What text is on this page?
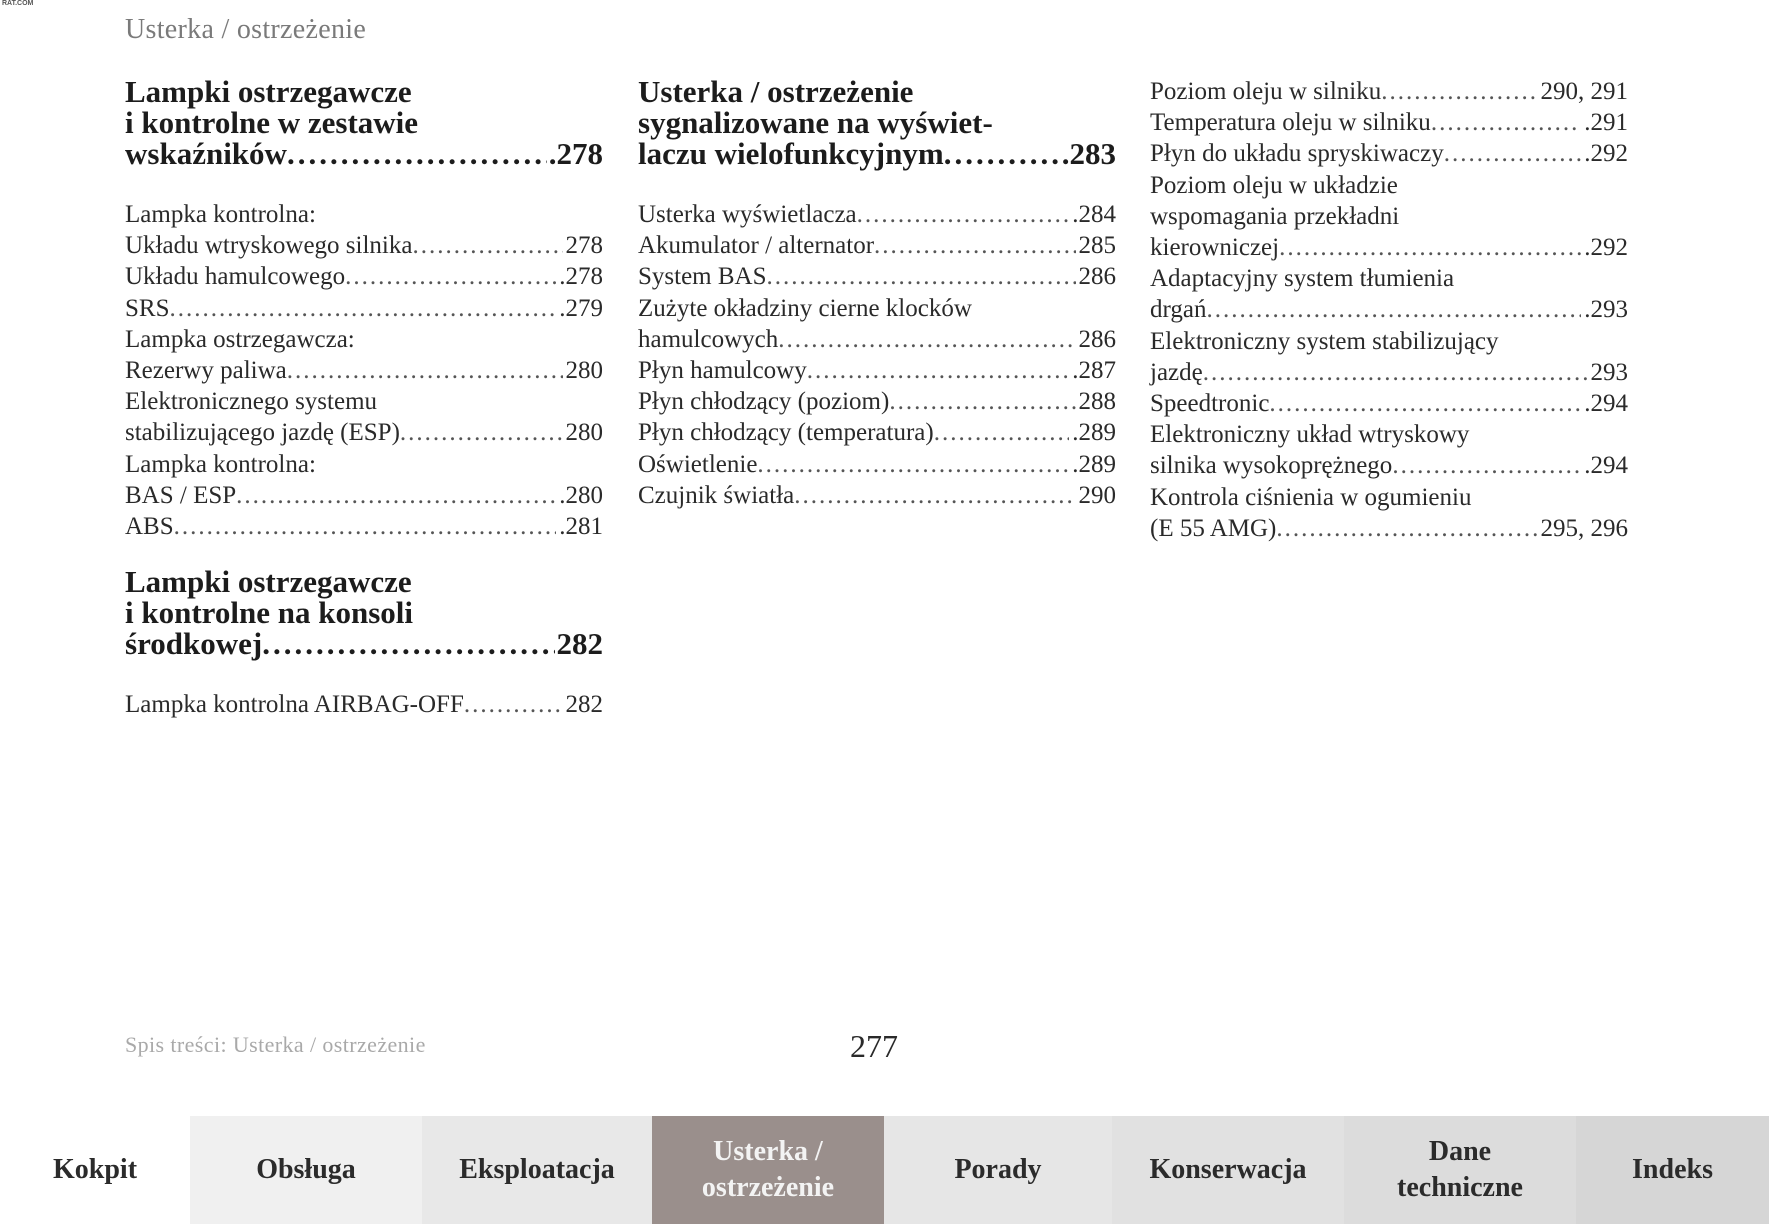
RAT.COM
Usterka / ostrzeżenie
Lampki ostrzegawcze
i kontrolne w zestawie
wskaźników .....	.278
Lampka kontrolna:
Układu wtryskowego silnika .....	278
Układu hamulcowego .....	.278
SRS .....	.279
Lampka ostrzegawcza:
Rezerwy paliwa .....	280
Elektronicznego systemu
stabilizującego jazdę (ESP) .....	280
Lampka kontrolna:
BAS / ESP .....	.280
ABS .....	.281
Lampki ostrzegawcze
i kontrolne na konsoli
środkowej .....	282
Lampka kontrolna AIRBAG-OFF .....	282
Usterka / ostrzeżenie
sygnalizowane na wyświet-
laczu wielofunkcyjnym .....	.283
Usterka wyświetlacza .....	.284
Akumulator / alternator .....	285
System BAS .....	286
Zużyte okładziny cierne klocków
hamulcowych .....	286
Płyn hamulcowy .....	.287
Płyn chłodzący (poziom) .....	288
Płyn chłodzący (temperatura) .....	.289
Oświetlenie .....	.289
Czujnik światła .....	290
Poziom oleju w silniku .....	290, 291
Temperatura oleju w silniku .....	.291
Płyn do układu spryskiwaczy .....	.292
Poziom oleju w układzie
wspomagania przekładni
kierowniczej .....	.292
Adaptacyjny system tłumienia
drgań .....	.293
Elektroniczny system stabilizujący
jazdę .....	293
Speedtronic .....	.294
Elektroniczny układ wtryskowy
silnika wysokoprężnego .....	.294
Kontrola ciśnienia w ogumieniu
(E 55 AMG) .....	295, 296
Spis treści: Usterka / ostrzeżenie	277
Kokpit	Obsługa	Eksploatacja
Usterka /
ostrzeżenie
Porady	Konserwacja
Dane
techniczne
Indeks
